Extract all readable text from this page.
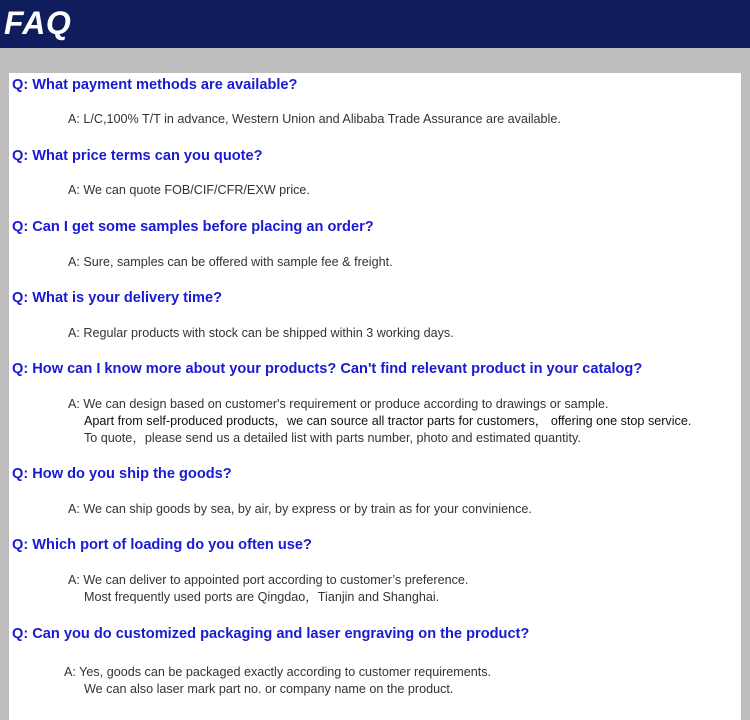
FAQ
Q: What payment methods are available?
A: L/C,100% T/T in advance, Western Union and Alibaba Trade Assurance are available.
Q: What price terms can you quote?
A: We can quote FOB/CIF/CFR/EXW price.
Q: Can I get some samples before placing an order?
A: Sure, samples can be offered with sample fee & freight.
Q: What is your delivery time?
A: Regular products with stock can be shipped within 3 working days.
Q: How can I know more about your products? Can't find relevant product in your catalog?
A: We can design based on customer's requirement or produce according to drawings or sample.
Apart from self-produced products，we can source all tractor parts for customers， offering one stop service.
To quote，please send us a detailed list with parts number, photo and estimated quantity.
Q: How do you ship the goods?
A: We can ship goods by sea, by air, by express or by train as for your convinience.
Q: Which port of loading do you often use?
A: We can deliver to appointed port according to customer’s preference.
Most frequently used ports are Qingdao，Tianjin and Shanghai.
Q: Can you do customized packaging and laser engraving on the product?
A: Yes, goods can be packaged exactly according to customer requirements.
We can also laser mark part no. or company name on the product.
